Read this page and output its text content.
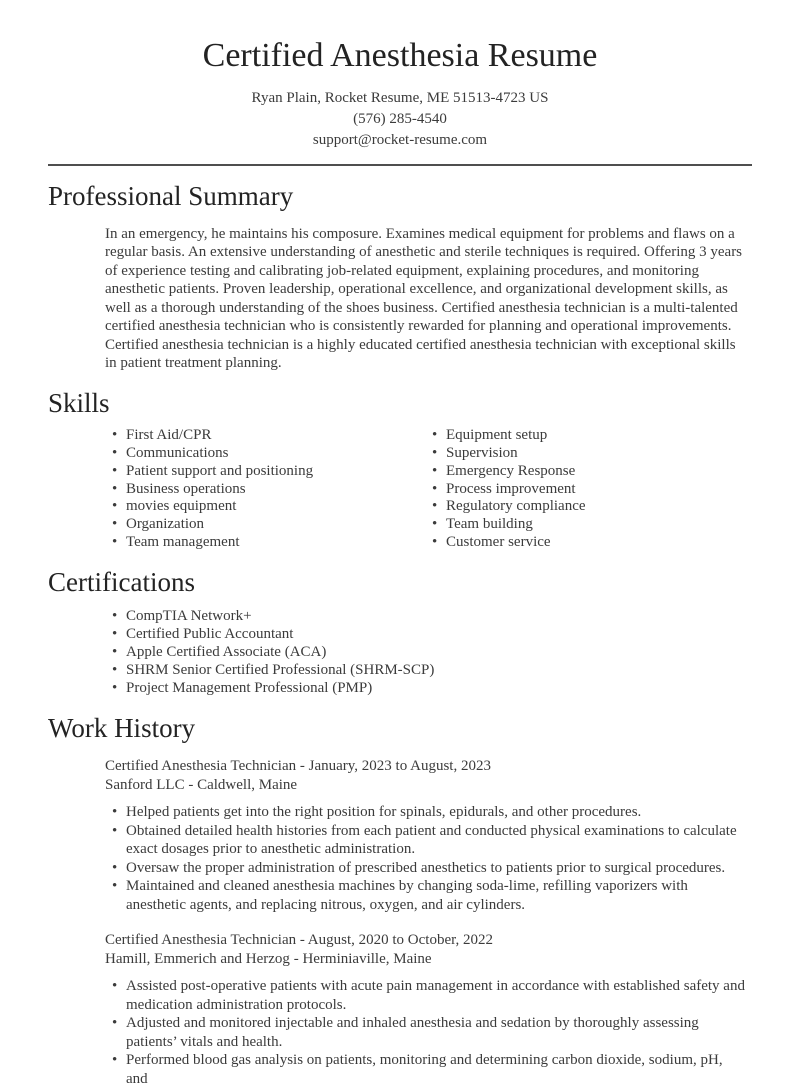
Certified Anesthesia Resume
Ryan Plain, Rocket Resume, ME 51513-4723 US
(576) 285-4540
support@rocket-resume.com
Professional Summary

In an emergency, he maintains his composure. Examines medical equipment for problems and flaws on a regular basis. An extensive understanding of anesthetic and sterile techniques is required. Offering 3 years of experience testing and calibrating job-related equipment, explaining procedures, and monitoring anesthetic patients. Proven leadership, operational excellence, and organizational development skills, as well as a thorough understanding of the shoes business. Certified anesthesia technician is a multi-talented certified anesthesia technician who is consistently rewarded for planning and operational improvements. Certified anesthesia technician is a highly educated certified anesthesia technician with exceptional skills in patient treatment planning.

Skills
• First Aid/CPR
• Communications
• Patient support and positioning
• Business operations
• movies equipment
• Organization
• Team management
• Equipment setup
• Supervision
• Emergency Response
• Process improvement
• Regulatory compliance
• Team building
• Customer service
Certifications
• CompTIA Network+
• Certified Public Accountant
• Apple Certified Associate (ACA)
• SHRM Senior Certified Professional (SHRM-SCP)
• Project Management Professional (PMP)
Work History
Certified Anesthesia Technician - January, 2023 to August, 2023
Sanford LLC - Caldwell, Maine
• Helped patients get into the right position for spinals, epidurals, and other procedures.
• Obtained detailed health histories from each patient and conducted physical examinations to calculate exact dosages prior to anesthetic administration.
• Oversaw the proper administration of prescribed anesthetics to patients prior to surgical procedures.
• Maintained and cleaned anesthesia machines by changing soda-lime, refilling vaporizers with anesthetic agents, and replacing nitrous, oxygen, and air cylinders.
Certified Anesthesia Technician - August, 2020 to October, 2022
Hamill, Emmerich and Herzog - Herminiaville, Maine
• Assisted post-operative patients with acute pain management in accordance with established safety and medication administration protocols.
• Adjusted and monitored injectable and inhaled anesthesia and sedation by thoroughly assessing patients’ vitals and health.
• Performed blood gas analysis on patients, monitoring and determining carbon dioxide, sodium, pH, and
